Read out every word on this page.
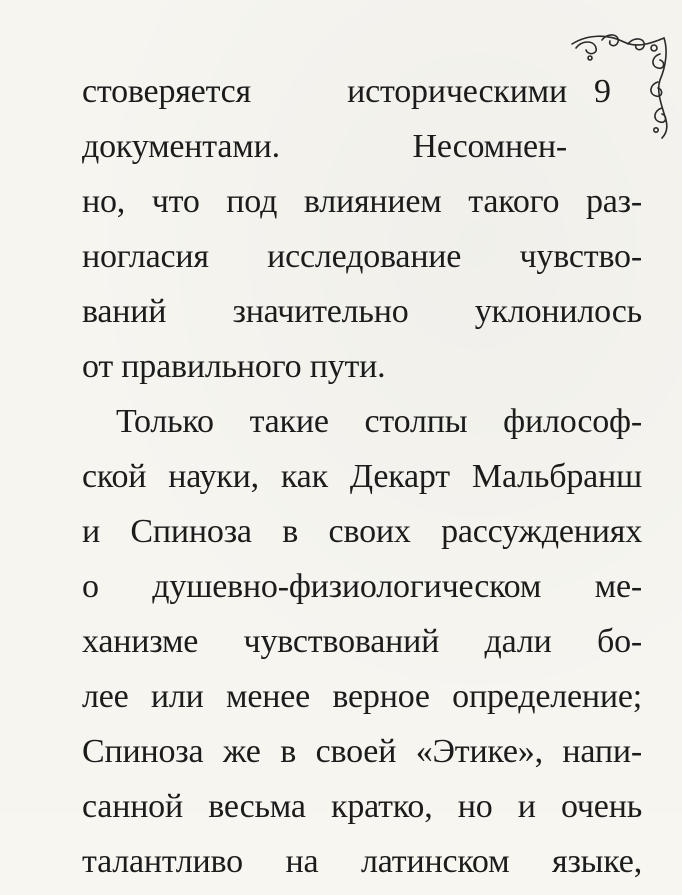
9
стоверяется историческими
документами. Несомнен-
но, что под влиянием такого раз-
ногласия исследование чувство-
ваний значительно уклонилось
от правильного пути.
Только такие столпы философ-
ской науки, как Декарт Мальбранш
и Спиноза в своих рассуждениях
о душевно-физиологическом ме-
ханизме чувствований дали бо-
лее или менее верное определение;
Спиноза же в своей «Этике», напи-
санной весьма кратко, но и очень
талантливо на латинском языке,
